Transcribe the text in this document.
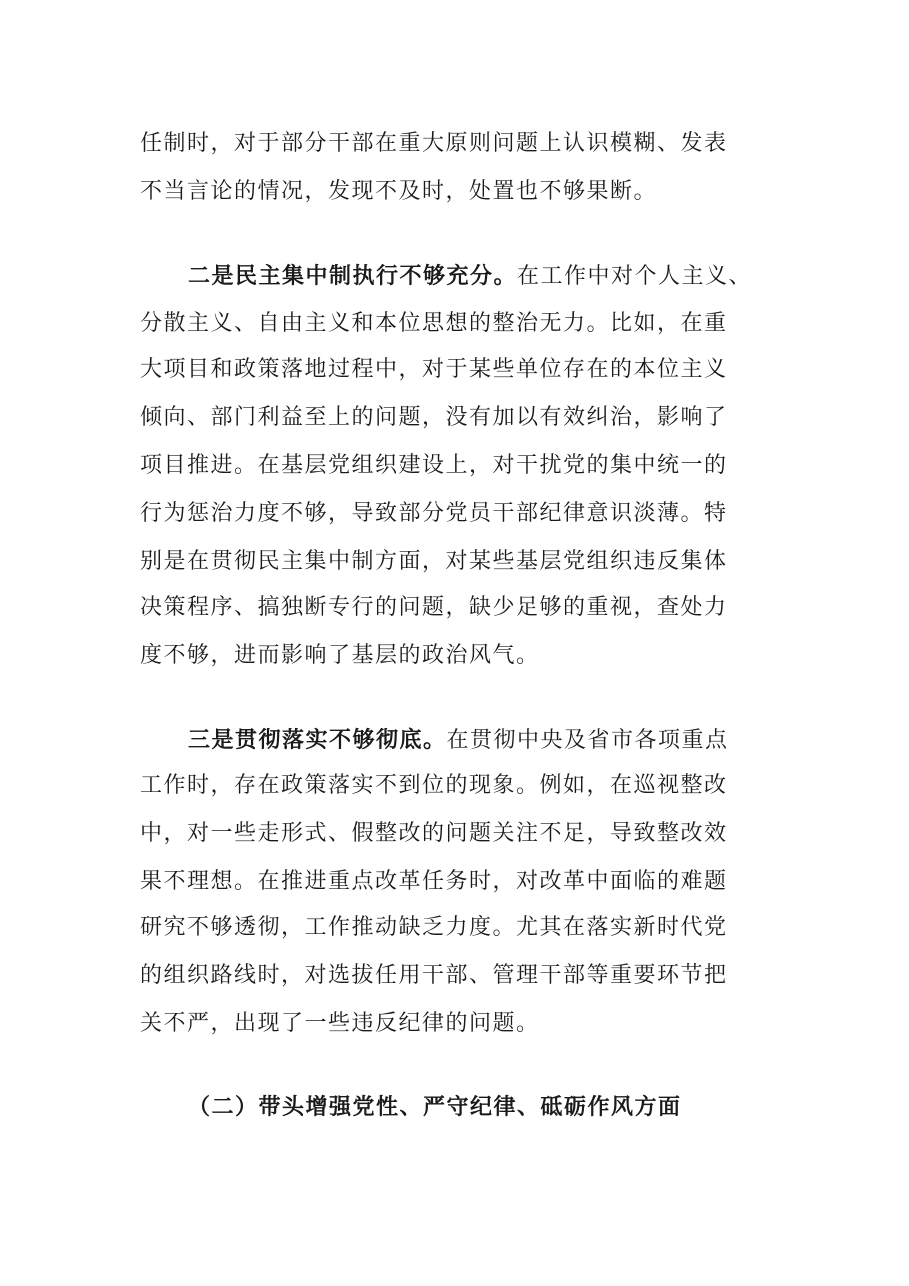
任制时，对于部分干部在重大原则问题上认识模糊、发表
不当言论的情况，发现不及时，处置也不够果断。
二是民主集中制执行不够充分。在工作中对个人主义、
分散主义、自由主义和本位思想的整治无力。比如，在重
大项目和政策落地过程中，对于某些单位存在的本位主义
倾向、部门利益至上的问题，没有加以有效纠治，影响了
项目推进。在基层党组织建设上，对干扰党的集中统一的
行为惩治力度不够，导致部分党员干部纪律意识淡薄。特
别是在贯彻民主集中制方面，对某些基层党组织违反集体
决策程序、搞独断专行的问题，缺少足够的重视，查处力
度不够，进而影响了基层的政治风气。
三是贯彻落实不够彻底。在贯彻中央及省市各项重点
工作时，存在政策落实不到位的现象。例如，在巡视整改
中，对一些走形式、假整改的问题关注不足，导致整改效
果不理想。在推进重点改革任务时，对改革中面临的难题
研究不够透彻，工作推动缺乏力度。尤其在落实新时代党
的组织路线时，对选拔任用干部、管理干部等重要环节把
关不严，出现了一些违反纪律的问题。
（二）带头增强党性、严守纪律、砥砺作风方面
